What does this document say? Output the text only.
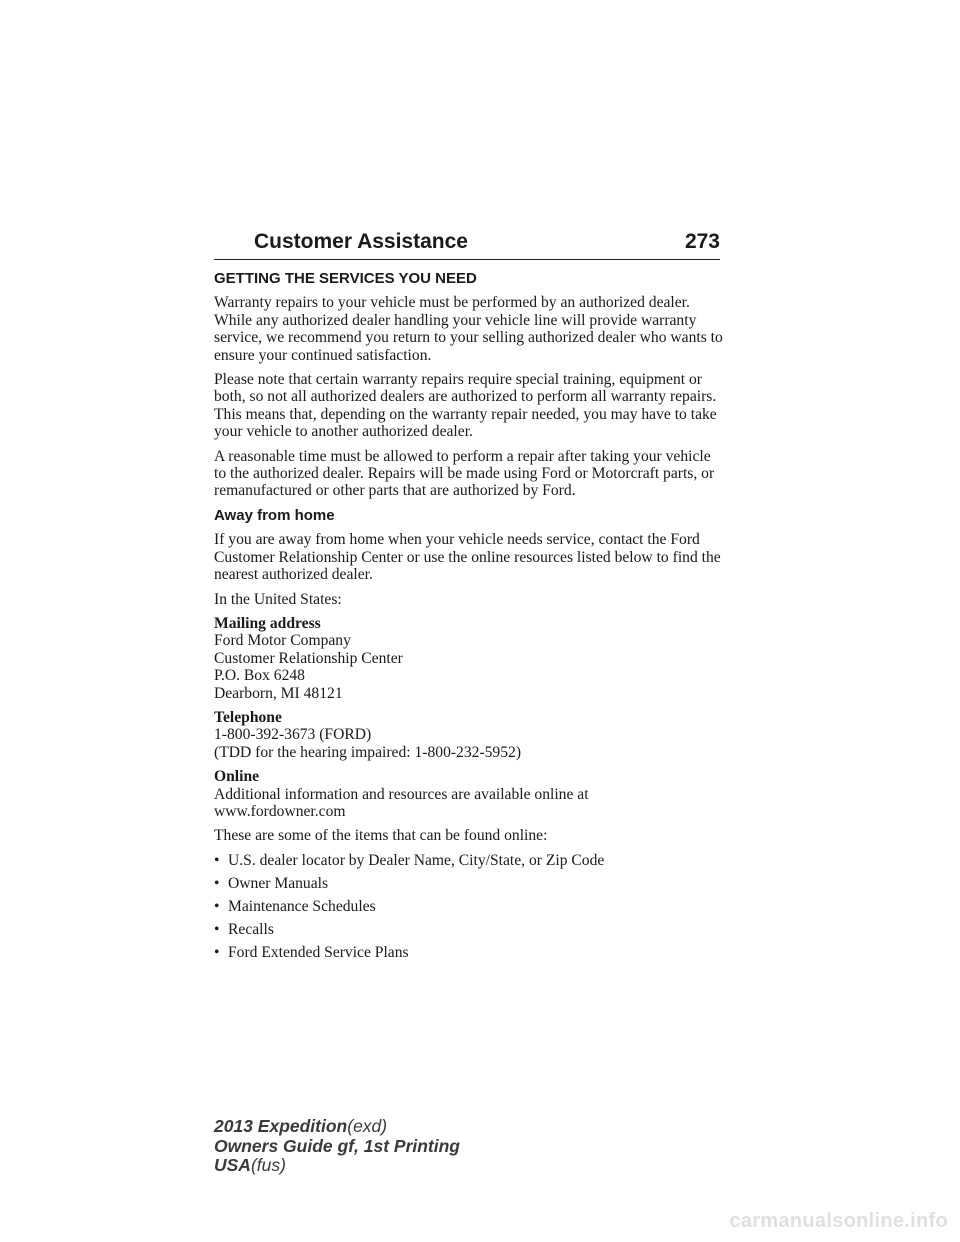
Customer Assistance	273
GETTING THE SERVICES YOU NEED

Warranty repairs to your vehicle must be performed by an authorized dealer. While any authorized dealer handling your vehicle line will provide warranty service, we recommend you return to your selling authorized dealer who wants to ensure your continued satisfaction.

Please note that certain warranty repairs require special training, equipment or both, so not all authorized dealers are authorized to perform all warranty repairs. This means that, depending on the warranty repair needed, you may have to take your vehicle to another authorized dealer.

A reasonable time must be allowed to perform a repair after taking your vehicle to the authorized dealer. Repairs will be made using Ford or Motorcraft parts, or remanufactured or other parts that are authorized by Ford.

Away from home

If you are away from home when your vehicle needs service, contact the Ford Customer Relationship Center or use the online resources listed below to find the nearest authorized dealer.

In the United States:

Mailing address
Ford Motor Company
Customer Relationship Center
P.O. Box 6248
Dearborn, MI 48121
Telephone
1-800-392-3673 (FORD)
(TDD for the hearing impaired: 1-800-232-5952)
Online
Additional information and resources are available online at
www.fordowner.com

These are some of the items that can be found online:

• U.S. dealer locator by Dealer Name, City/State, or Zip Code
• Owner Manuals
• Maintenance Schedules
• Recalls
• Ford Extended Service Plans
2013 Expedition(exd)
Owners Guide gf, 1st Printing
USA(fus)
carmanualsonline.info
